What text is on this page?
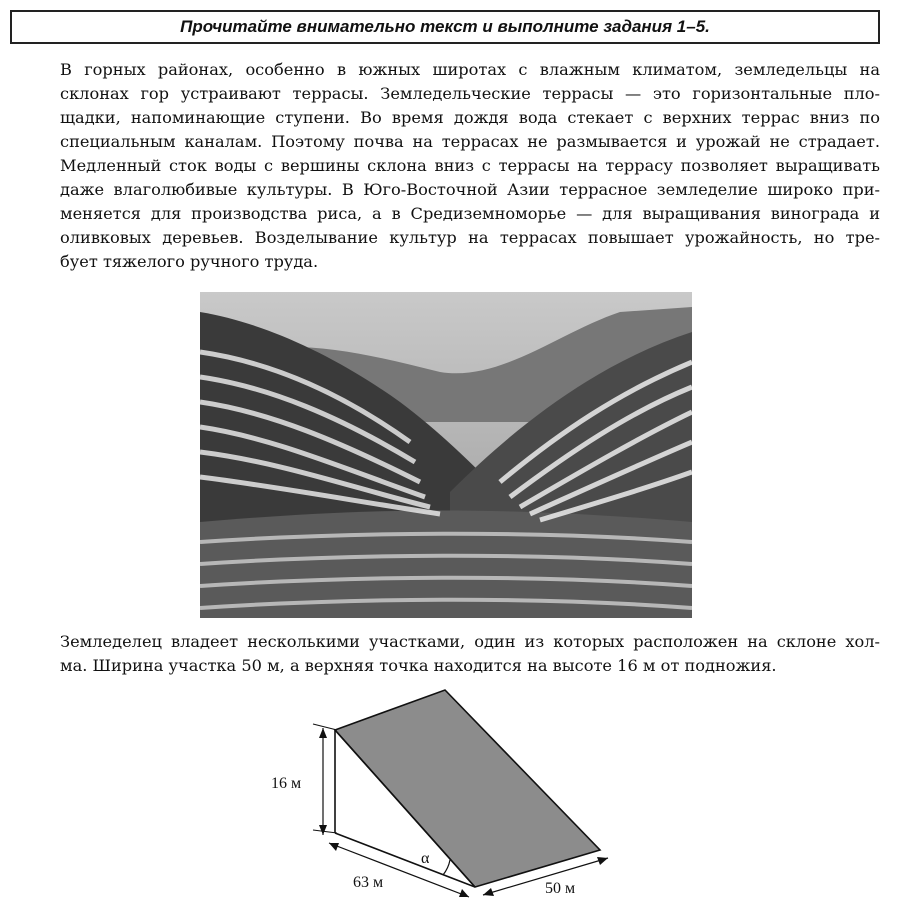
Прочитайте внимательно текст и выполните задания 1–5.

В горных районах, особенно в южных широтах с влажным климатом, земледельцы на
склонах гор устраивают террасы. Земледельческие террасы — это горизонтальные пло-
щадки, напоминающие ступени. Во время дождя вода стекает с верхних террас вниз по
специальным каналам. Поэтому почва на террасах не размывается и урожай не страдает.
Медленный сток воды с вершины склона вниз с террасы на террасу позволяет выращивать
даже влаголюбивые культуры. В Юго-Восточной Азии террасное земледелие широко при-
меняется для производства риса, а в Средиземноморье — для выращивания винограда и
оливковых деревьев. Возделывание культур на террасах повышает урожайность, но тре-
бует тяжелого ручного труда.

Земледелец владеет несколькими участками, один из которых расположен на склоне хол-
ма. Ширина участка 50 м, а верхняя точка находится на высоте 16 м от подножия.

16 м
63 м	50 м
α
